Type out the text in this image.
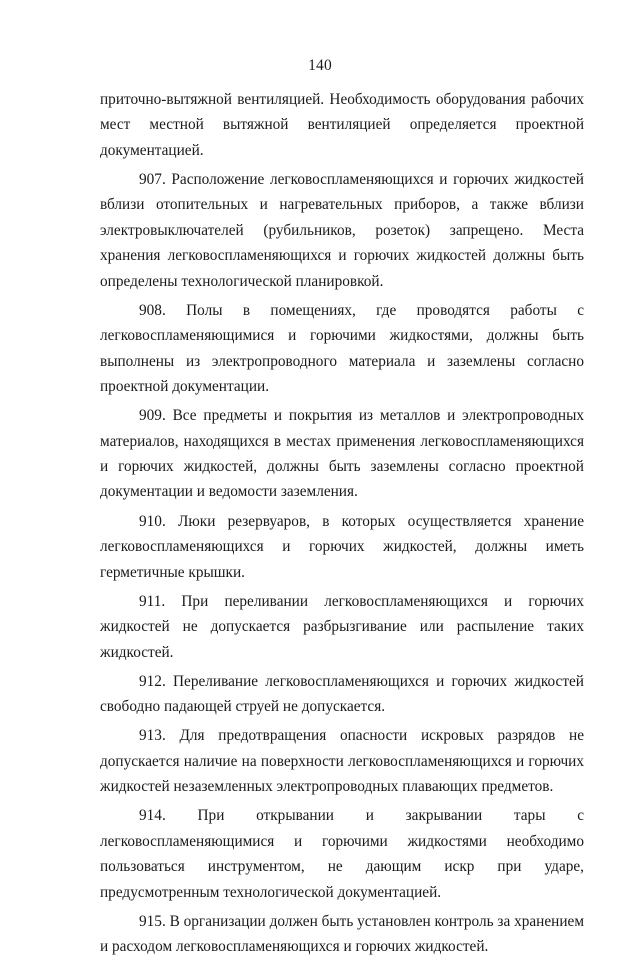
140

приточно-вытяжной вентиляцией. Необходимость оборудования рабочих мест местной вытяжной вентиляцией определяется проектной документацией.

907. Расположение легковоспламеняющихся и горючих жидкостей вблизи отопительных и нагревательных приборов, а также вблизи электровыключателей (рубильников, розеток) запрещено. Места хранения легковоспламеняющихся и горючих жидкостей должны быть определены технологической планировкой.

908. Полы в помещениях, где проводятся работы с легковоспламеняющимися и горючими жидкостями, должны быть выполнены из электропроводного материала и заземлены согласно проектной документации.

909. Все предметы и покрытия из металлов и электропроводных материалов, находящихся в местах применения легковоспламеняющихся и горючих жидкостей, должны быть заземлены согласно проектной документации и ведомости заземления.

910. Люки резервуаров, в которых осуществляется хранение легковоспламеняющихся и горючих жидкостей, должны иметь герметичные крышки.

911. При переливании легковоспламеняющихся и горючих жидкостей не допускается разбрызгивание или распыление таких жидкостей.

912. Переливание легковоспламеняющихся и горючих жидкостей свободно падающей струей не допускается.

913. Для предотвращения опасности искровых разрядов не допускается наличие на поверхности легковоспламеняющихся и горючих жидкостей незаземленных электропроводных плавающих предметов.

914. При открывании и закрывании тары с легковоспламеняющимися и горючими жидкостями необходимо пользоваться инструментом, не дающим искр при ударе, предусмотренным технологической документацией.

915. В организации должен быть установлен контроль за хранением и расходом легковоспламеняющихся и горючих жидкостей.
